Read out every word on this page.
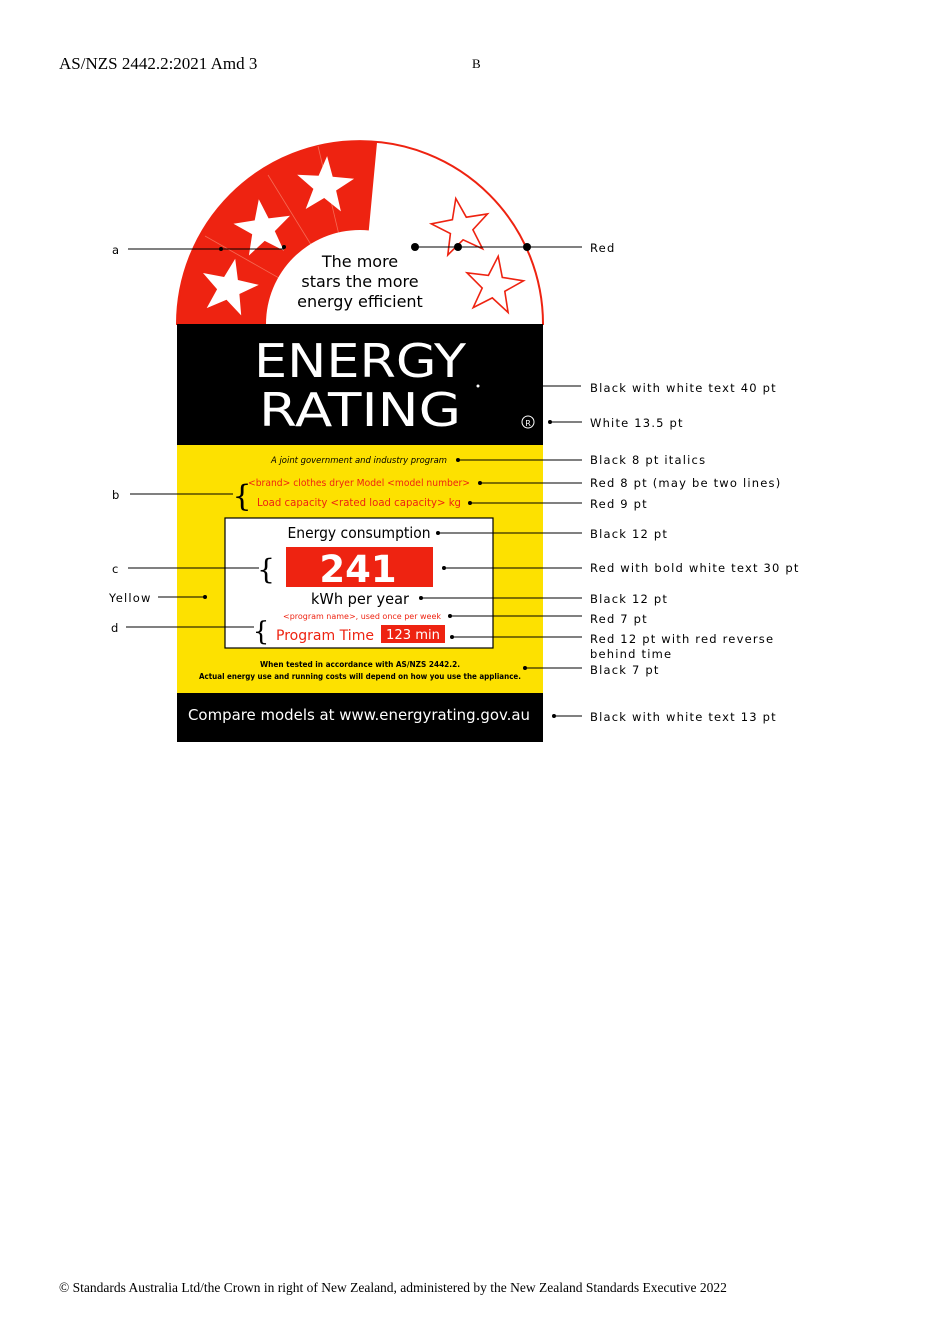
AS/NZS 2442.2:2021 Amd 3	B
The more
stars the more
energy efficient
ENERGY
RATING	R
A joint government and industry program
<brand> clothes dryer Model <model number>
Load capacity <rated load capacity> kg
{
Energy consumption
241
{
kWh per year
<program name>, used once per week
Program Time 123 min
{
When tested in accordance with AS/NZS 2442.2.
Actual energy use and running costs will depend on how you use the appliance.
Compare models at www.energyrating.gov.au
a
b
c
Yellow
d
Red
Black with white text 40 pt
White 13.5 pt
Black 8 pt italics
Red 8 pt (may be two lines)
Red 9 pt
Black 12 pt
Red with bold white text 30 pt
Black 12 pt
Red 7 pt
Red 12 pt with red reverse
behind time
Black 7 pt
Black with white text 13 pt
© Standards Australia Ltd/the Crown in right of New Zealand, administered by the New Zealand Standards Executive 2022
